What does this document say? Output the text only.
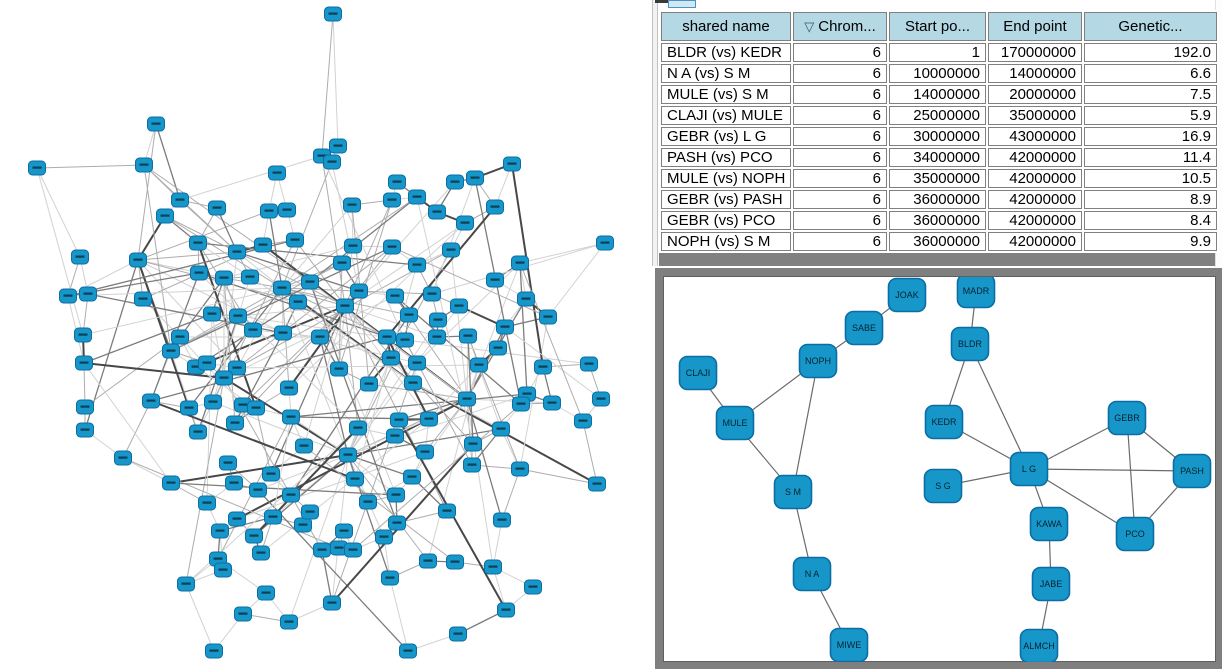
shared name	▽ Chrom...	Start po...	End point	Genetic...
BLDR (vs) KEDR	6	1	170000000	192.0
N A (vs) S M	6	10000000	14000000	6.6
MULE (vs) S M	6	14000000	20000000	7.5
CLAJI (vs) MULE	6	25000000	35000000	5.9
GEBR (vs) L G	6	30000000	43000000	16.9
PASH (vs) PCO	6	34000000	42000000	11.4
MULE (vs) NOPH	6	35000000	42000000	10.5
GEBR (vs) PASH	6	36000000	42000000	8.9
GEBR (vs) PCO	6	36000000	42000000	8.4
NOPH (vs) S M	6	36000000	42000000	9.9
JOAK
SABE
NOPH
CLAJI
MULE
S M
N A
MIWE
MADR
BLDR
KEDR
S G
L G
GEBR
PASH
PCO
KAWA
JABE
ALMCH
